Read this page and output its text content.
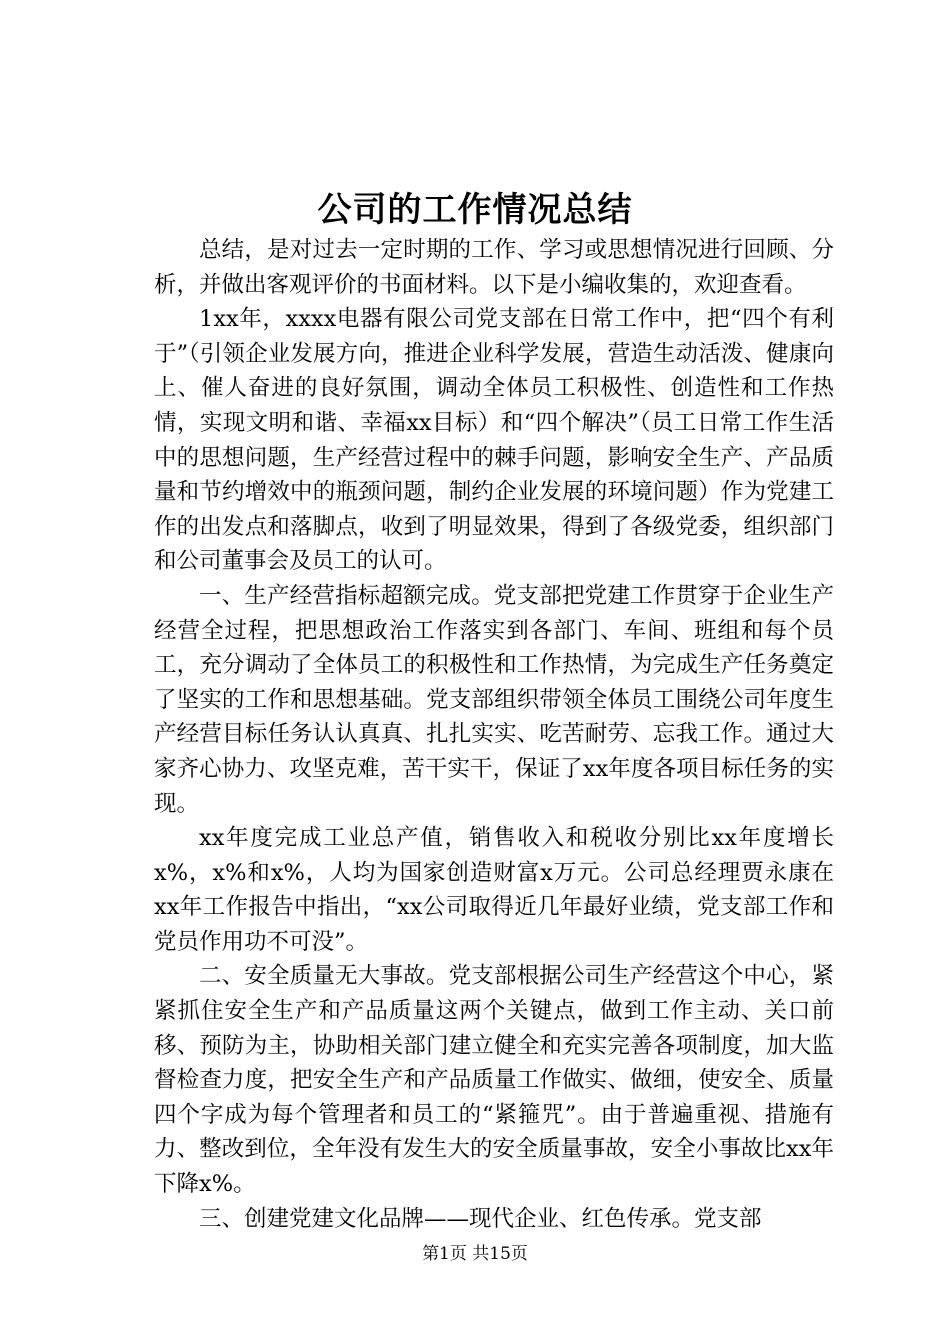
公司的工作情况总结

总结，是对过去一定时期的工作、学习或思想情况进行回顾、分析，并做出客观评价的书面材料。以下是小编收集的，欢迎查看。

1xx年，xxxx电器有限公司党支部在日常工作中，把“四个有利于”（引领企业发展方向，推进企业科学发展，营造生动活泼、健康向上、催人奋进的良好氛围，调动全体员工积极性、创造性和工作热情，实现文明和谐、幸福xx目标）和“四个解决”（员工日常工作生活中的思想问题，生产经营过程中的棘手问题，影响安全生产、产品质量和节约增效中的瓶颈问题，制约企业发展的环境问题）作为党建工作的出发点和落脚点，收到了明显效果，得到了各级党委，组织部门和公司董事会及员工的认可。

一、生产经营指标超额完成。党支部把党建工作贯穿于企业生产经营全过程，把思想政治工作落实到各部门、车间、班组和每个员工，充分调动了全体员工的积极性和工作热情，为完成生产任务奠定了坚实的工作和思想基础。党支部组织带领全体员工围绕公司年度生产经营目标任务认认真真、扎扎实实、吃苦耐劳、忘我工作。通过大家齐心协力、攻坚克难，苦干实干，保证了xx年度各项目标任务的实现。

xx年度完成工业总产值，销售收入和税收分别比xx年度增长x%，x%和x%，人均为国家创造财富x万元。公司总经理贾永康在xx年工作报告中指出，“xx公司取得近几年最好业绩，党支部工作和党员作用功不可没”。

二、安全质量无大事故。党支部根据公司生产经营这个中心，紧紧抓住安全生产和产品质量这两个关键点，做到工作主动、关口前移、预防为主，协助相关部门建立健全和充实完善各项制度，加大监督检查力度，把安全生产和产品质量工作做实、做细，使安全、质量四个字成为每个管理者和员工的“紧箍咒”。由于普遍重视、措施有力、整改到位，全年没有发生大的安全质量事故，安全小事故比xx年下降x%。

三、创建党建文化品牌——现代企业、红色传承。党支部

第1页 共15页
